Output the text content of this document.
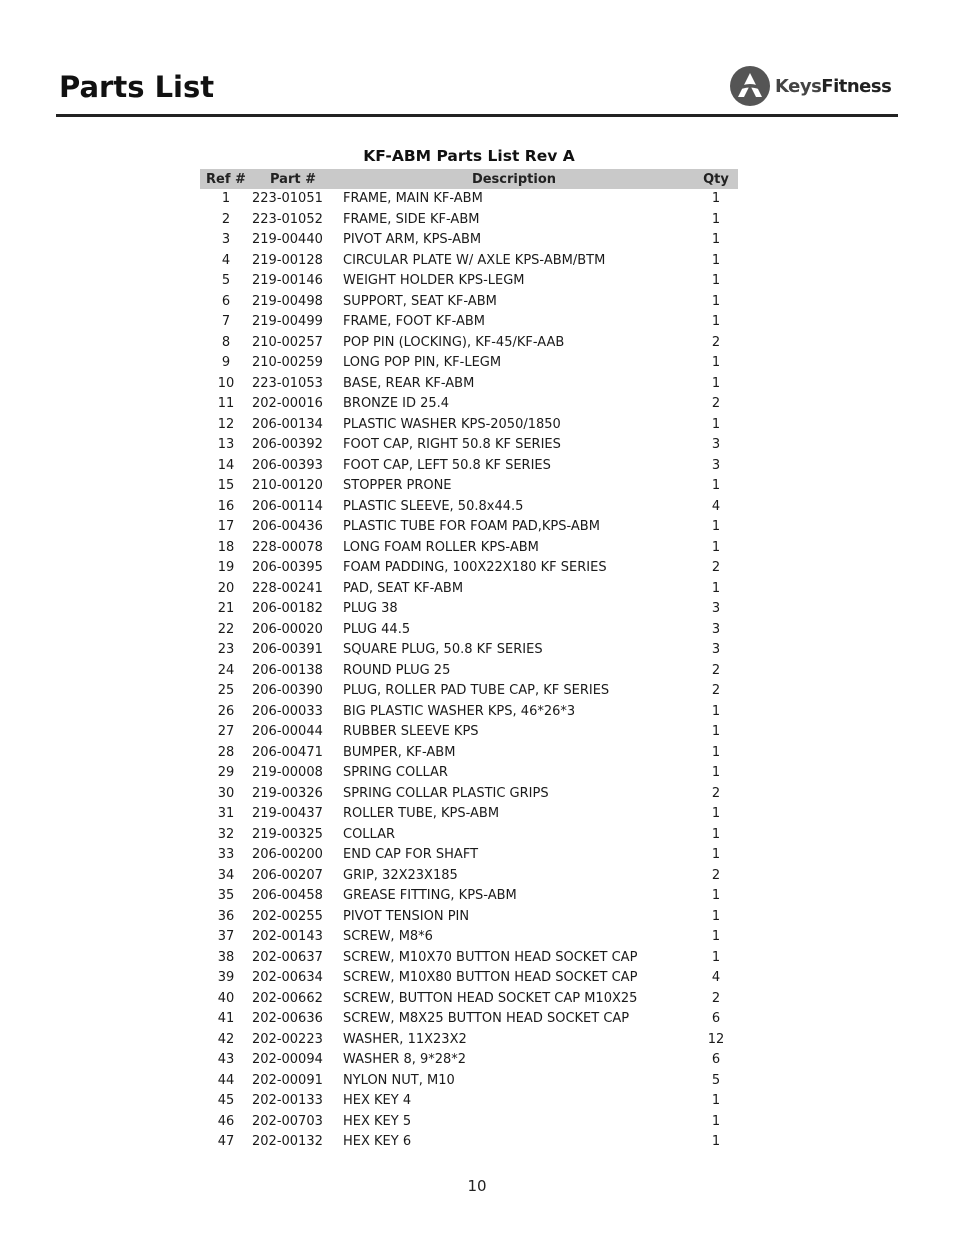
Parts List	KeysFitness
KF-ABM Parts List Rev A
Ref #	Part #	Description	Qty
1	223-01051	FRAME, MAIN KF-ABM	1
2	223-01052	FRAME, SIDE KF-ABM	1
3	219-00440	PIVOT ARM, KPS-ABM	1
4	219-00128	CIRCULAR PLATE W/ AXLE KPS-ABM/BTM	1
5	219-00146	WEIGHT HOLDER KPS-LEGM	1
6	219-00498	SUPPORT, SEAT KF-ABM	1
7	219-00499	FRAME, FOOT KF-ABM	1
8	210-00257	POP PIN (LOCKING), KF-45/KF-AAB	2
9	210-00259	LONG POP PIN, KF-LEGM	1
10	223-01053	BASE, REAR KF-ABM	1
11	202-00016	BRONZE ID 25.4	2
12	206-00134	PLASTIC WASHER KPS-2050/1850	1
13	206-00392	FOOT CAP, RIGHT 50.8 KF SERIES	3
14	206-00393	FOOT CAP, LEFT 50.8 KF SERIES	3
15	210-00120	STOPPER PRONE	1
16	206-00114	PLASTIC SLEEVE, 50.8x44.5	4
17	206-00436	PLASTIC TUBE FOR FOAM PAD,KPS-ABM	1
18	228-00078	LONG FOAM ROLLER KPS-ABM	1
19	206-00395	FOAM PADDING, 100X22X180 KF SERIES	2
20	228-00241	PAD, SEAT KF-ABM	1
21	206-00182	PLUG 38	3
22	206-00020	PLUG 44.5	3
23	206-00391	SQUARE PLUG, 50.8 KF SERIES	3
24	206-00138	ROUND PLUG 25	2
25	206-00390	PLUG, ROLLER PAD TUBE CAP, KF SERIES	2
26	206-00033	BIG PLASTIC WASHER KPS, 46*26*3	1
27	206-00044	RUBBER SLEEVE KPS	1
28	206-00471	BUMPER, KF-ABM	1
29	219-00008	SPRING COLLAR	1
30	219-00326	SPRING COLLAR PLASTIC GRIPS	2
31	219-00437	ROLLER TUBE, KPS-ABM	1
32	219-00325	COLLAR	1
33	206-00200	END CAP FOR SHAFT	1
34	206-00207	GRIP, 32X23X185	2
35	206-00458	GREASE FITTING, KPS-ABM	1
36	202-00255	PIVOT TENSION PIN	1
37	202-00143	SCREW, M8*6	1
38	202-00637	SCREW, M10X70 BUTTON HEAD SOCKET CAP	1
39	202-00634	SCREW, M10X80 BUTTON HEAD SOCKET CAP	4
40	202-00662	SCREW, BUTTON HEAD SOCKET CAP M10X25	2
41	202-00636	SCREW, M8X25 BUTTON HEAD SOCKET CAP	6
42	202-00223	WASHER, 11X23X2	12
43	202-00094	WASHER 8, 9*28*2	6
44	202-00091	NYLON NUT, M10	5
45	202-00133	HEX KEY 4	1
46	202-00703	HEX KEY 5	1
47	202-00132	HEX KEY 6	1
10
